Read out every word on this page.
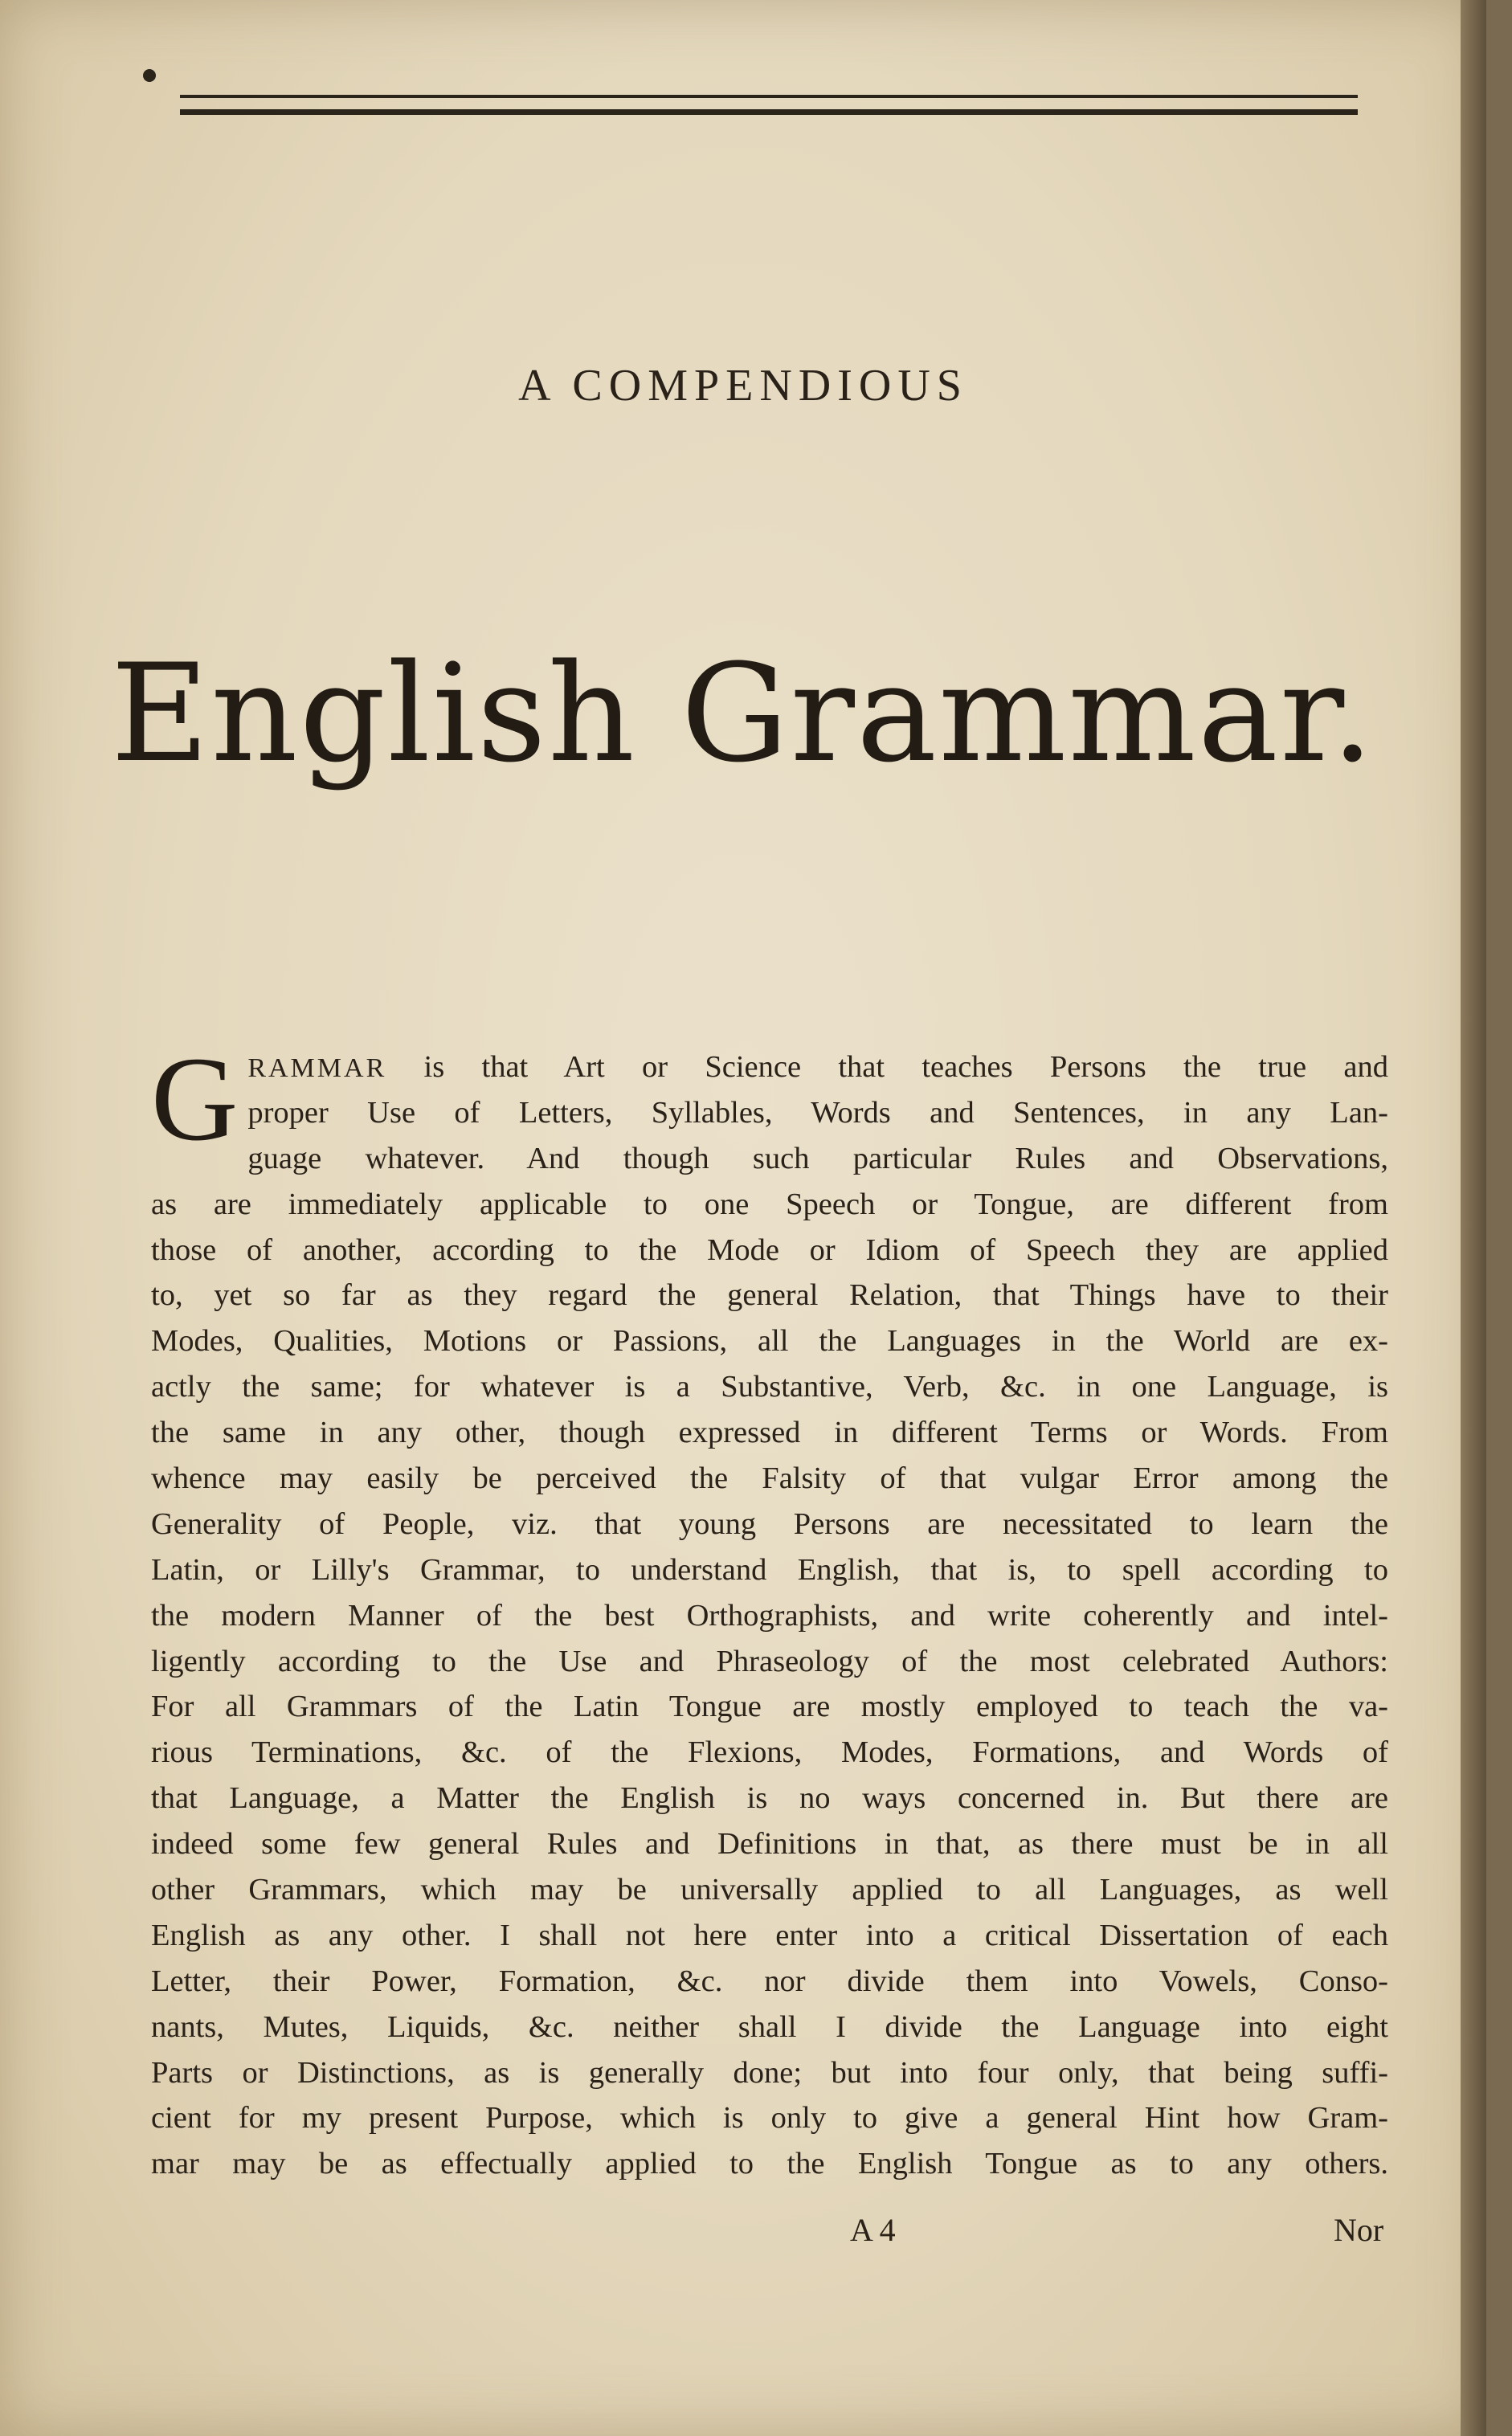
A COMPENDIOUS
English Grammar.
G RAMMAR is that Art or Science that teaches Persons the true and
proper Use of Letters, Syllables, Words and Sentences, in any Lan-
guage whatever. And though such particular Rules and Observations,
as are immediately applicable to one Speech or Tongue, are different from
those of another, according to the Mode or Idiom of Speech they are applied
to, yet so far as they regard the general Relation, that Things have to their
Modes, Qualities, Motions or Passions, all the Languages in the World are ex-
actly the same; for whatever is a Substantive, Verb, &c. in one Language, is
the same in any other, though expressed in different Terms or Words. From
whence may easily be perceived the Falsity of that vulgar Error among the
Generality of People, viz. that young Persons are necessitated to learn the
Latin, or Lilly's Grammar, to understand English, that is, to spell according to
the modern Manner of the best Orthographists, and write coherently and intel-
ligently according to the Use and Phraseology of the most celebrated Authors:
For all Grammars of the Latin Tongue are mostly employed to teach the va-
rious Terminations, &c. of the Flexions, Modes, Formations, and Words of
that Language, a Matter the English is no ways concerned in. But there are
indeed some few general Rules and Definitions in that, as there must be in all
other Grammars, which may be universally applied to all Languages, as well
English as any other. I shall not here enter into a critical Dissertation of each
Letter, their Power, Formation, &c. nor divide them into Vowels, Conso-
nants, Mutes, Liquids, &c. neither shall I divide the Language into eight
Parts or Distinctions, as is generally done; but into four only, that being suffi-
cient for my present Purpose, which is only to give a general Hint how Gram-
mar may be as effectually applied to the English Tongue as to any others.
A 4	Nor
